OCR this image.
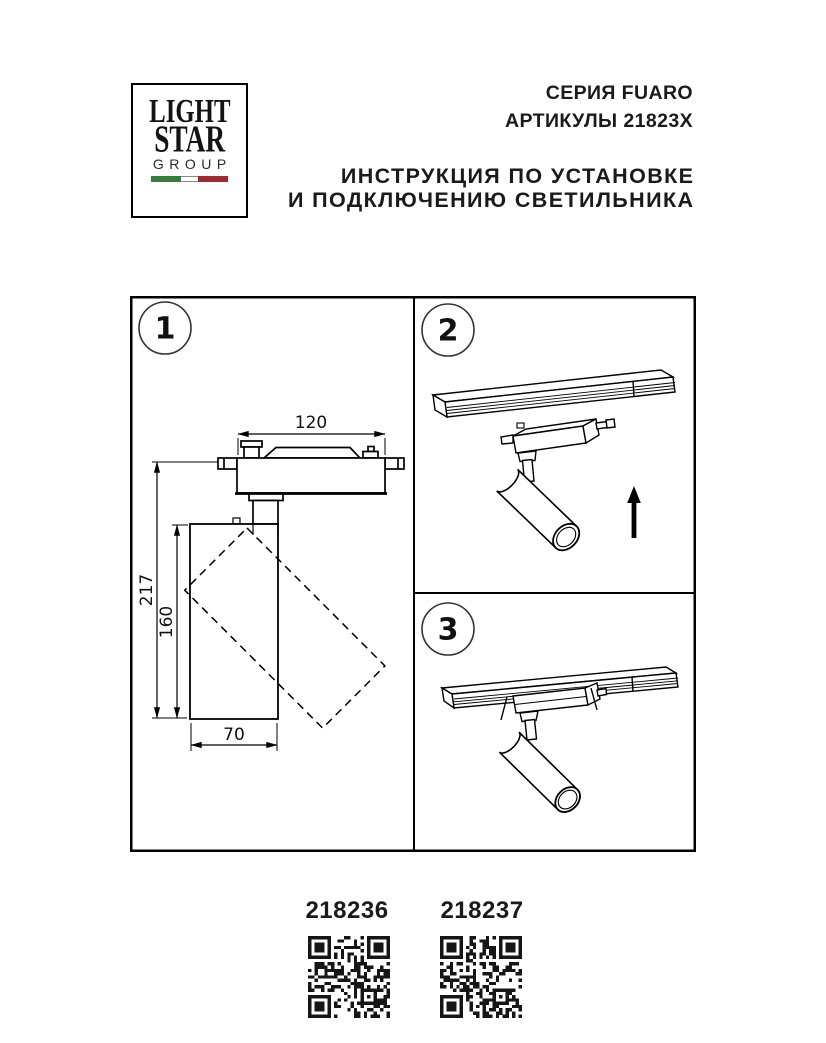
LIGHT
STAR
GROUP
СЕРИЯ FUARO
АРТИКУЛЫ 21823X
ИНСТРУКЦИЯ ПО УСТАНОВКЕ
И ПОДКЛЮЧЕНИЮ СВЕТИЛЬНИКА
1
120
217
160
70
2
3
218236	218237
